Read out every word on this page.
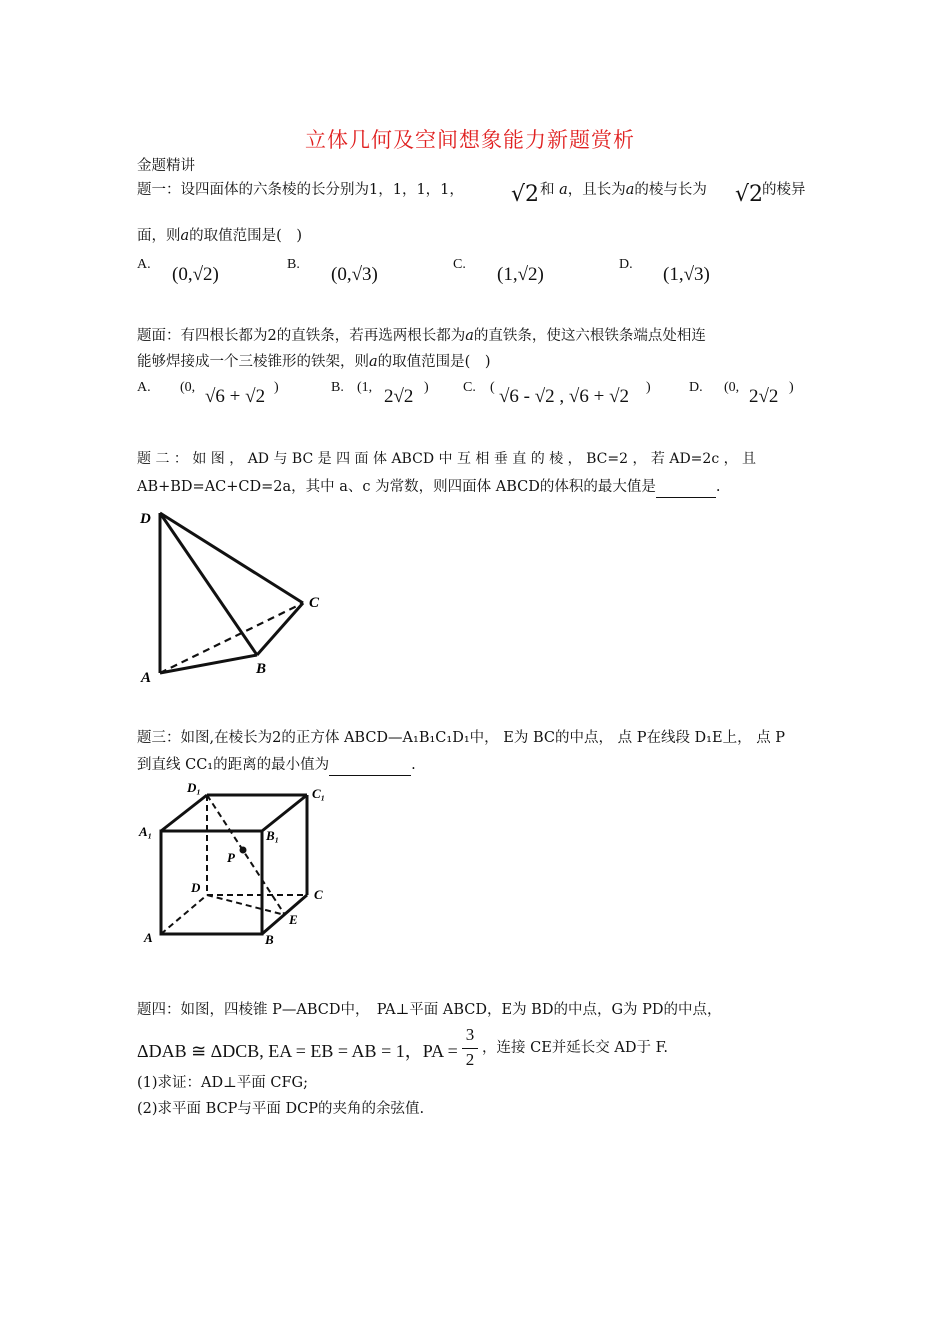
立体几何及空间想象能力新题赏析
金题精讲
题一：设四面体的六条棱的长分别为1，1，1，1， √2 和 a，且长为a的棱与长为 √2
的棱异
面，则a的取值范围是(　)
A. (0,√2)	B. (0,√3)	C. (1,√2)	D. (1,√3)
题面：有四根长都为2的直铁条，若再选两根长都为a的直铁条，使这六根铁条端点处相连
能够焊接成一个三棱锥形的铁架，则a的取值范围是(　)
A. (0, √6 + √2 )	B. (1, 2√2 ) C. ( √6 - √2 , √6 + √2 )	D. (0, 2√2 )
题 二 ： 如 图 ， AD 与 BC 是 四 面 体 ABCD 中 互 相 垂 直 的 棱 ， BC=2 ， 若 AD=2c ， 且
AB+BD=AC+CD=2a，其中 a、c 为常数，则四面体 ABCD的体积的最大值是	.
D
C
B
A
题三：如图,在棱长为2的正方体 ABCD—A₁B₁C₁D₁中， E为 BC的中点， 点 P在线段 D₁E上， 点 P
到直线 CC₁的距离的最小值为	.
D₁	C₁
A₁	B₁
P
D	C
E
A	B
题四：如图，四棱锥 P—ABCD中，　PA⊥平面 ABCD，E为 BD的中点，G为 PD的中点，
ΔDAB ≅ ΔDCB, EA = EB = AB = 1，PA =
3
2
，连接 CE并延长交 AD于 F.
(1)求证：AD⊥平面 CFG;
(2)求平面 BCP与平面 DCP的夹角的余弦值.
